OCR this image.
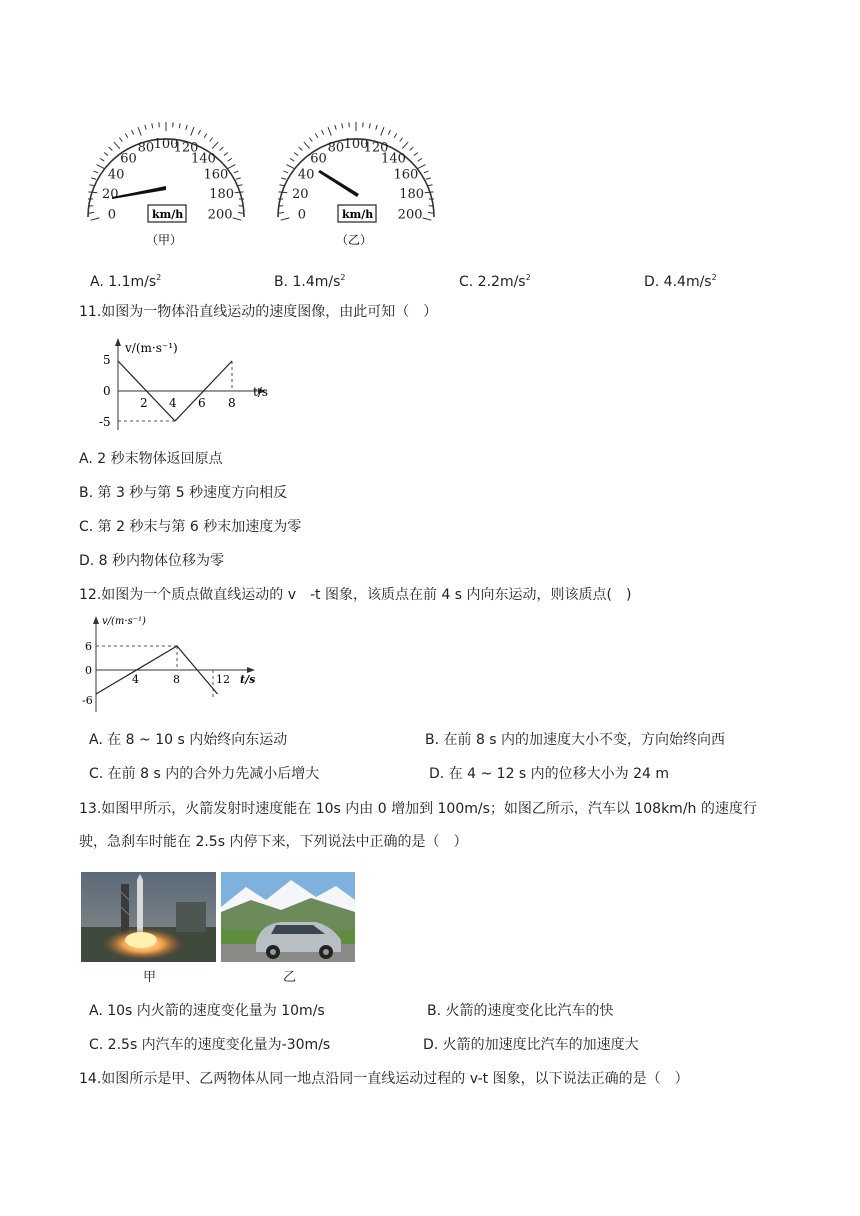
0
20
40
60
80 100
120
140
160
180
200
km/h
（甲）
0
20
40
60
80 100
120
140
160
180
200
km/h
（乙）
A. $1.1m/s^2$	B. $1.4m/s^2$	C. $2.2m/s^2$	D. $4.4m/s^2$
11.如图为一物体沿直线运动的速度图像，由此可知（　）
v/(m·s⁻¹)
t/s
5
0
-5
2 4 6 8
A. 2 秒末物体返回原点
B. 第 3 秒与第 5 秒速度方向相反
C. 第 2 秒末与第 6 秒末加速度为零
D. 8 秒内物体位移为零
12.如图为一个质点做直线运动的 v　-t 图象，该质点在前 4 s 内向东运动，则该质点(　)
v/(m·s⁻¹)
t/s
6
0
-6
4	8	12
A. 在 8 ~ 10 s 内始终向东运动	B. 在前 8 s 内的加速度大小不变，方向始终向西
C. 在前 8 s 内的合外力先减小后增大	D. 在 4 ~ 12 s 内的位移大小为 24 m
13.如图甲所示，火箭发射时速度能在 10s 内由 0 增加到 100m/s；如图乙所示，汽车以 108km/h 的速度行
驶，急刹车时能在 2.5s 内停下来，下列说法中正确的是（　）
甲	乙
A. 10s 内火箭的速度变化量为 10m/s	B. 火箭的速度变化比汽车的快
C. 2.5s 内汽车的速度变化量为-30m/s	D. 火箭的加速度比汽车的加速度大
14.如图所示是甲、乙两物体从同一地点沿同一直线运动过程的 v-t 图象，以下说法正确的是（　）
